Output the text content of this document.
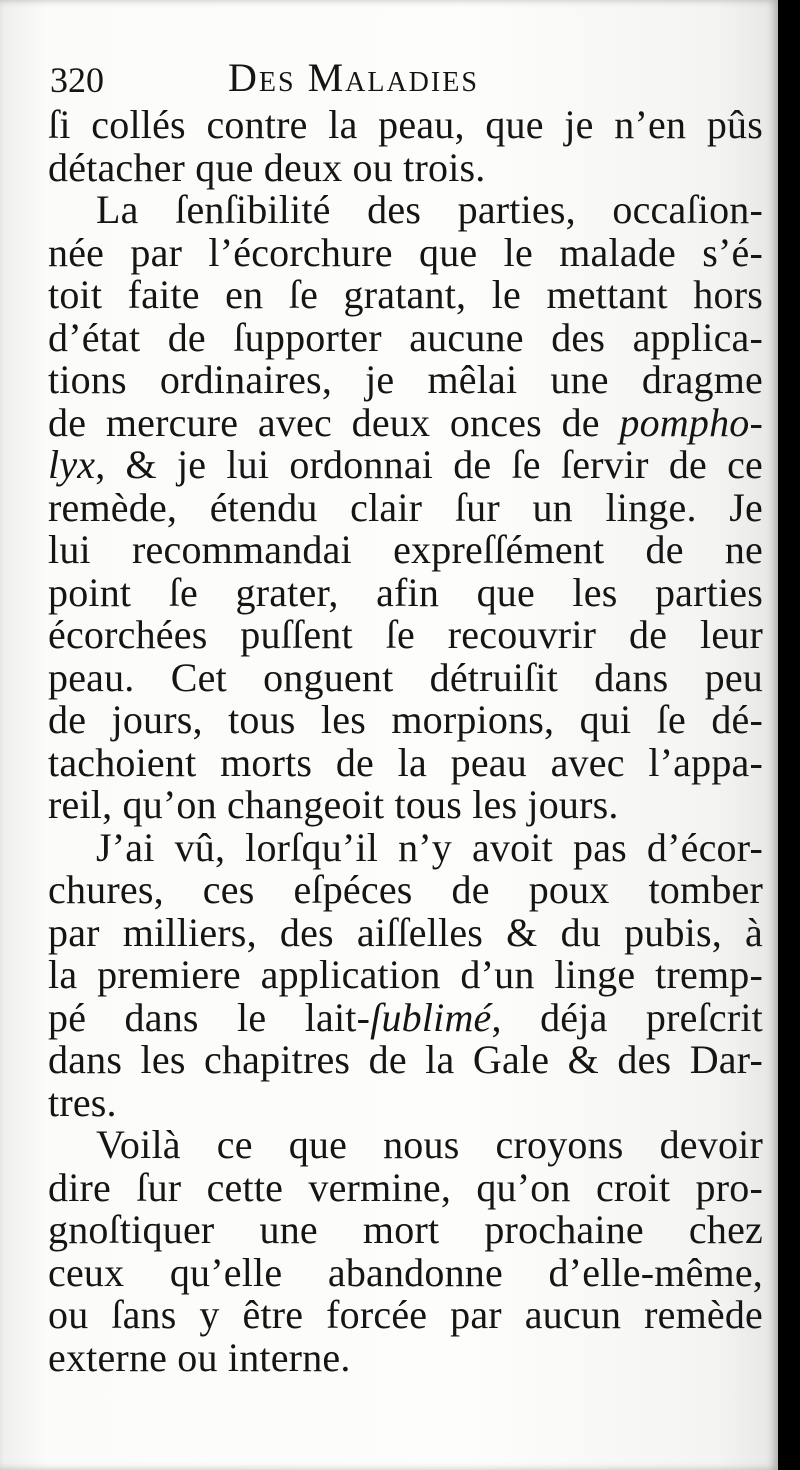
320	Des Maladies
ſi collés contre la peau, que je n’en pûs
détacher que deux ou trois.
La ſenſibilité des parties, occaſion-
née par l’écorchure que le malade s’é-
toit faite en ſe gratant, le mettant hors
d’état de ſupporter aucune des applica-
tions ordinaires, je mêlai une dragme
de mercure avec deux onces de pompho-
lyx, & je lui ordonnai de ſe ſervir de ce
remède, étendu clair ſur un linge. Je
lui recommandai expreſſément de ne
point ſe grater, afin que les parties
écorchées puſſent ſe recouvrir de leur
peau. Cet onguent détruiſit dans peu
de jours, tous les morpions, qui ſe dé-
tachoient morts de la peau avec l’appa-
reil, qu’on changeoit tous les jours.
J’ai vû, lorſqu’il n’y avoit pas d’écor-
chures, ces eſpéces de poux tomber
par milliers, des aiſſelles & du pubis, à
la premiere application d’un linge tremp-
pé dans le lait-ſublimé, déja preſcrit
dans les chapitres de la Gale & des Dar-
tres.
Voilà ce que nous croyons devoir
dire ſur cette vermine, qu’on croit pro-
gnoſtiquer une mort prochaine chez
ceux qu’elle abandonne d’elle-même,
ou ſans y être forcée par aucun remède
externe ou interne.
